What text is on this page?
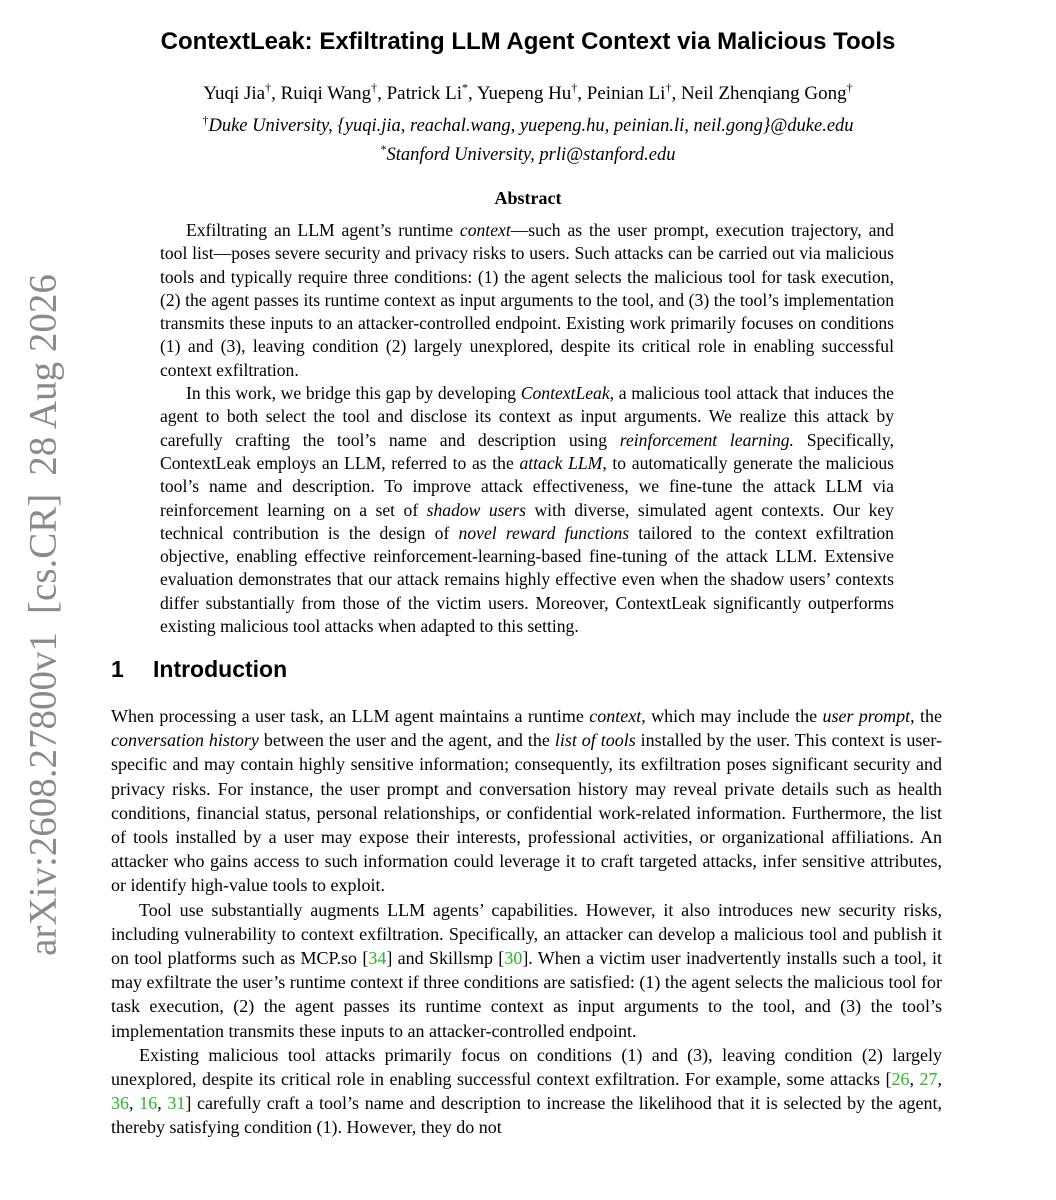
arXiv:2608.27800v1[cs.CR]28 Aug 2026
ContextLeak: Exfiltrating LLM Agent Context via Malicious Tools
Yuqi Jia†, Ruiqi Wang†, Patrick Li*, Yuepeng Hu†, Peinian Li†, Neil Zhenqiang Gong†
†Duke University, {yuqi.jia, reachal.wang, yuepeng.hu, peinian.li, neil.gong}@duke.edu
*Stanford University, prli@stanford.edu
Abstract

Exfiltrating an LLM agent’s runtime context—such as the user prompt, execution trajectory, and tool list—poses severe security and privacy risks to users. Such attacks can be carried out via malicious tools and typically require three conditions: (1) the agent selects the malicious tool for task execution, (2) the agent passes its runtime context as input arguments to the tool, and (3) the tool’s implementation transmits these inputs to an attacker-controlled endpoint. Existing work primarily focuses on conditions (1) and (3), leaving condition (2) largely unexplored, despite its critical role in enabling successful context exfiltration.

In this work, we bridge this gap by developing ContextLeak, a malicious tool attack that induces the agent to both select the tool and disclose its context as input arguments. We realize this attack by carefully crafting the tool’s name and description using reinforcement learning. Specifically, ContextLeak employs an LLM, referred to as the attack LLM, to automatically generate the malicious tool’s name and description. To improve attack effectiveness, we fine-tune the attack LLM via reinforcement learning on a set of shadow users with diverse, simulated agent contexts. Our key technical contribution is the design of novel reward functions tailored to the context exfiltration objective, enabling effective reinforcement-learning-based fine-tuning of the attack LLM. Extensive evaluation demonstrates that our attack remains highly effective even when the shadow users’ contexts differ substantially from those of the victim users. Moreover, ContextLeak significantly outperforms existing malicious tool attacks when adapted to this setting.

1 Introduction

When processing a user task, an LLM agent maintains a runtime context, which may include the user prompt, the conversation history between the user and the agent, and the list of tools installed by the user. This context is user-specific and may contain highly sensitive information; consequently, its exfiltration poses significant security and privacy risks. For instance, the user prompt and conversation history may reveal private details such as health conditions, financial status, personal relationships, or confidential work-related information. Furthermore, the list of tools installed by a user may expose their interests, professional activities, or organizational affiliations. An attacker who gains access to such information could leverage it to craft targeted attacks, infer sensitive attributes, or identify high-value tools to exploit.

Tool use substantially augments LLM agents’ capabilities. However, it also introduces new security risks, including vulnerability to context exfiltration. Specifically, an attacker can develop a malicious tool and publish it on tool platforms such as MCP.so [34] and Skillsmp [30]. When a victim user inadvertently installs such a tool, it may exfiltrate the user’s runtime context if three conditions are satisfied: (1) the agent selects the malicious tool for task execution, (2) the agent passes its runtime context as input arguments to the tool, and (3) the tool’s implementation transmits these inputs to an attacker-controlled endpoint.

Existing malicious tool attacks primarily focus on conditions (1) and (3), leaving condition (2) largely unexplored, despite its critical role in enabling successful context exfiltration. For example, some attacks [26, 27, 36, 16, 31] carefully craft a tool’s name and description to increase the likelihood that it is selected by the agent, thereby satisfying condition (1). However, they do not
